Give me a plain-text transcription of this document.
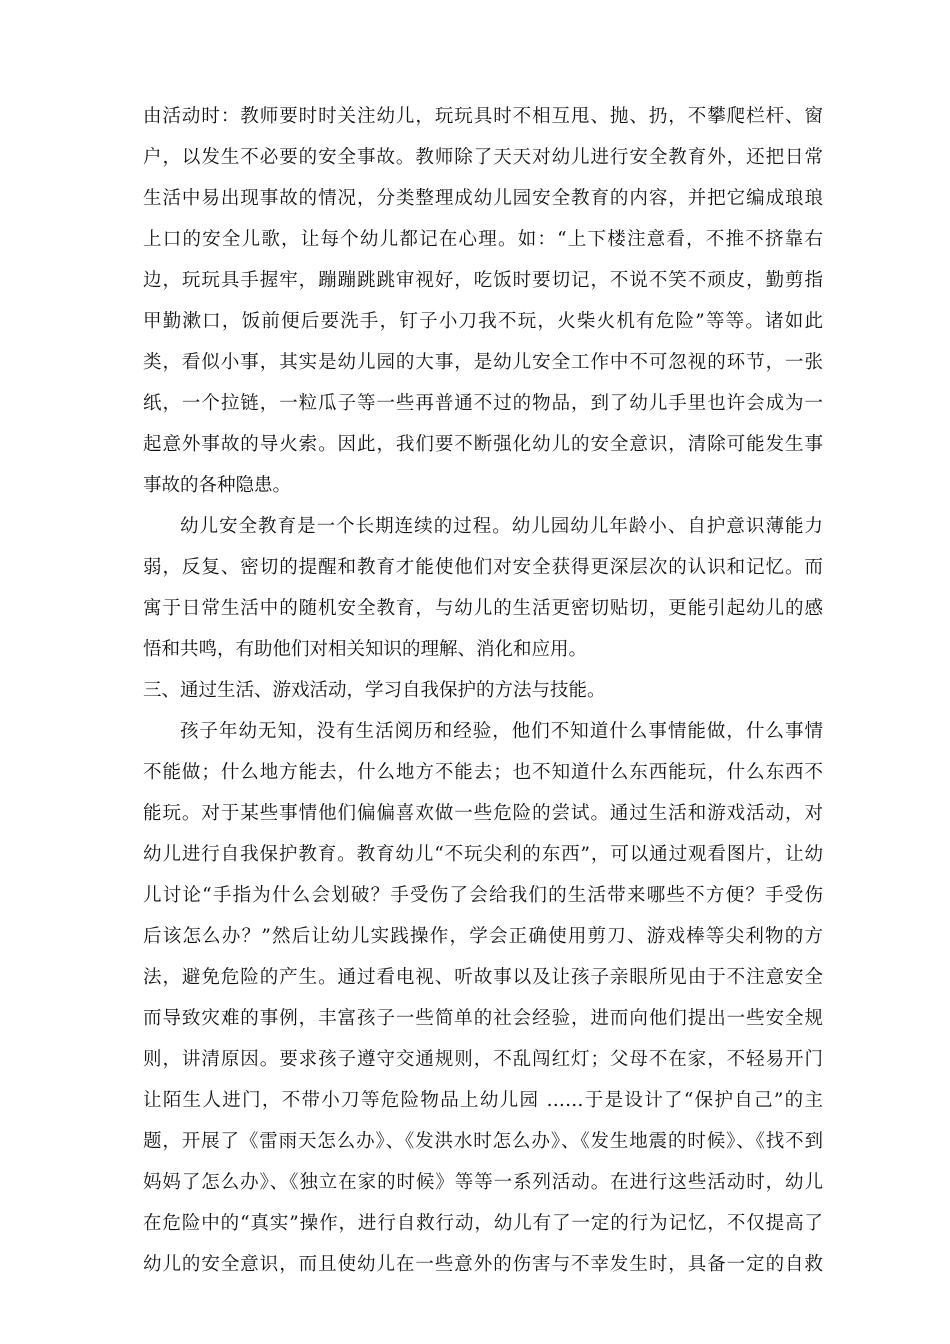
由活动时：教师要时时关注幼儿，玩玩具时不相互甩、抛、扔，不攀爬栏杆、窗
户，以发生不必要的安全事故。教师除了天天对幼儿进行安全教育外，还把日常
生活中易出现事故的情况，分类整理成幼儿园安全教育的内容，并把它编成琅琅
上口的安全儿歌，让每个幼儿都记在心理。如：“上下楼注意看，不推不挤靠右
边，玩玩具手握牢，蹦蹦跳跳审视好，吃饭时要切记，不说不笑不顽皮，勤剪指
甲勤漱口，饭前便后要洗手，钉子小刀我不玩，火柴火机有危险”等等。诸如此
类，看似小事，其实是幼儿园的大事，是幼儿安全工作中不可忽视的环节，一张
纸，一个拉链，一粒瓜子等一些再普通不过的物品，到了幼儿手里也许会成为一
起意外事故的导火索。因此，我们要不断强化幼儿的安全意识，清除可能发生事
事故的各种隐患。
幼儿安全教育是一个长期连续的过程。幼儿园幼儿年龄小、自护意识薄能力
弱，反复、密切的提醒和教育才能使他们对安全获得更深层次的认识和记忆。而
寓于日常生活中的随机安全教育，与幼儿的生活更密切贴切，更能引起幼儿的感
悟和共鸣，有助他们对相关知识的理解、消化和应用。
三、通过生活、游戏活动，学习自我保护的方法与技能。
孩子年幼无知，没有生活阅历和经验，他们不知道什么事情能做，什么事情
不能做；什么地方能去，什么地方不能去；也不知道什么东西能玩，什么东西不
能玩。对于某些事情他们偏偏喜欢做一些危险的尝试。通过生活和游戏活动，对
幼儿进行自我保护教育。教育幼儿“不玩尖利的东西”，可以通过观看图片，让幼
儿讨论“手指为什么会划破？手受伤了会给我们的生活带来哪些不方便？手受伤
后该怎么办？”然后让幼儿实践操作，学会正确使用剪刀、游戏棒等尖利物的方
法，避免危险的产生。通过看电视、听故事以及让孩子亲眼所见由于不注意安全
而导致灾难的事例，丰富孩子一些简单的社会经验，进而向他们提出一些安全规
则，讲清原因。要求孩子遵守交通规则，不乱闯红灯；父母不在家，不轻易开门
让陌生人进门，不带小刀等危险物品上幼儿园 ……于是设计了“保护自己”的主
题，开展了《雷雨天怎么办》、《发洪水时怎么办》、《发生地震的时候》、《找不到
妈妈了怎么办》、《独立在家的时候》等等一系列活动。在进行这些活动时，幼儿
在危险中的“真实”操作，进行自救行动，幼儿有了一定的行为记忆，不仅提高了
幼儿的安全意识，而且使幼儿在一些意外的伤害与不幸发生时，具备一定的自救
